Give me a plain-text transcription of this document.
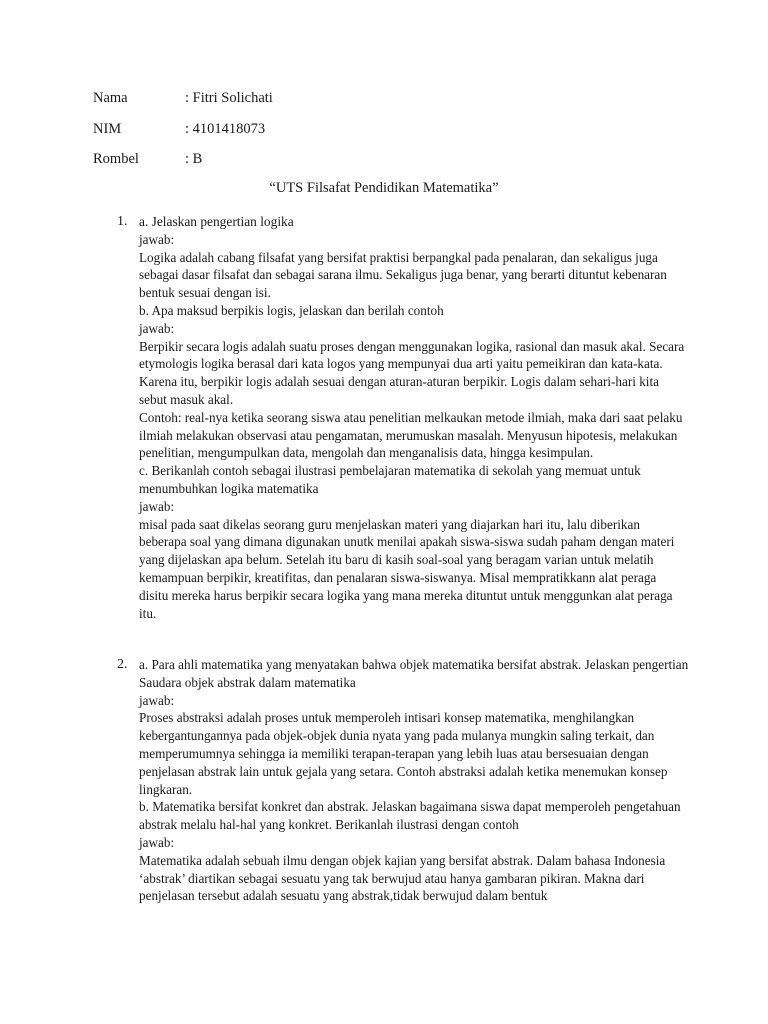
Nama	: Fitri Solichati
NIM	: 4101418073
Rombel	: B
“UTS Filsafat Pendidikan Matematika”
1. a. Jelaskan pengertian logika

jawab:

Logika adalah cabang filsafat yang bersifat praktisi berpangkal pada penalaran, dan sekaligus juga sebagai dasar filsafat dan sebagai sarana ilmu. Sekaligus juga benar, yang berarti dituntut kebenaran bentuk sesuai dengan isi.

b. Apa maksud berpikis logis, jelaskan dan berilah contoh

jawab:

Berpikir secara logis adalah suatu proses dengan menggunakan logika, rasional dan masuk akal. Secara etymologis logika berasal dari kata logos yang mempunyai dua arti yaitu pemeikiran dan kata-kata. Karena itu, berpikir logis adalah sesuai dengan aturan-aturan berpikir. Logis dalam sehari-hari kita sebut masuk akal.

Contoh: real-nya ketika seorang siswa atau penelitian melkaukan metode ilmiah, maka dari saat pelaku ilmiah melakukan observasi atau pengamatan, merumuskan masalah. Menyusun hipotesis, melakukan penelitian, mengumpulkan data, mengolah dan menganalisis data, hingga kesimpulan.

c. Berikanlah contoh sebagai ilustrasi pembelajaran matematika di sekolah yang memuat untuk menumbuhkan logika matematika

jawab:

misal pada saat dikelas seorang guru menjelaskan materi yang diajarkan hari itu, lalu diberikan beberapa soal yang dimana digunakan unutk menilai apakah siswa-siswa sudah paham dengan materi yang dijelaskan apa belum. Setelah itu baru di kasih soal-soal yang beragam varian untuk melatih kemampuan berpikir, kreatifitas, dan penalaran siswa-siswanya. Misal mempratikkann alat peraga disitu mereka harus berpikir secara logika yang mana mereka dituntut untuk menggunkan alat peraga itu.

2. a. Para ahli matematika yang menyatakan bahwa objek matematika bersifat abstrak. Jelaskan pengertian Saudara objek abstrak dalam matematika

jawab:

Proses abstraksi adalah proses untuk memperoleh intisari konsep matematika, menghilangkan kebergantungannya pada objek-objek dunia nyata yang pada mulanya mungkin saling terkait, dan memperumumnya sehingga ia memiliki terapan-terapan yang lebih luas atau bersesuaian dengan penjelasan abstrak lain untuk gejala yang setara. Contoh abstraksi adalah ketika menemukan konsep lingkaran.

b. Matematika bersifat konkret dan abstrak. Jelaskan bagaimana siswa dapat memperoleh pengetahuan abstrak melalu hal-hal yang konkret. Berikanlah ilustrasi dengan contoh

jawab:

Matematika adalah sebuah ilmu dengan objek kajian yang bersifat abstrak. Dalam bahasa Indonesia ‘abstrak’ diartikan sebagai sesuatu yang tak berwujud atau hanya gambaran pikiran. Makna dari penjelasan tersebut adalah sesuatu yang abstrak,tidak berwujud dalam bentuk
